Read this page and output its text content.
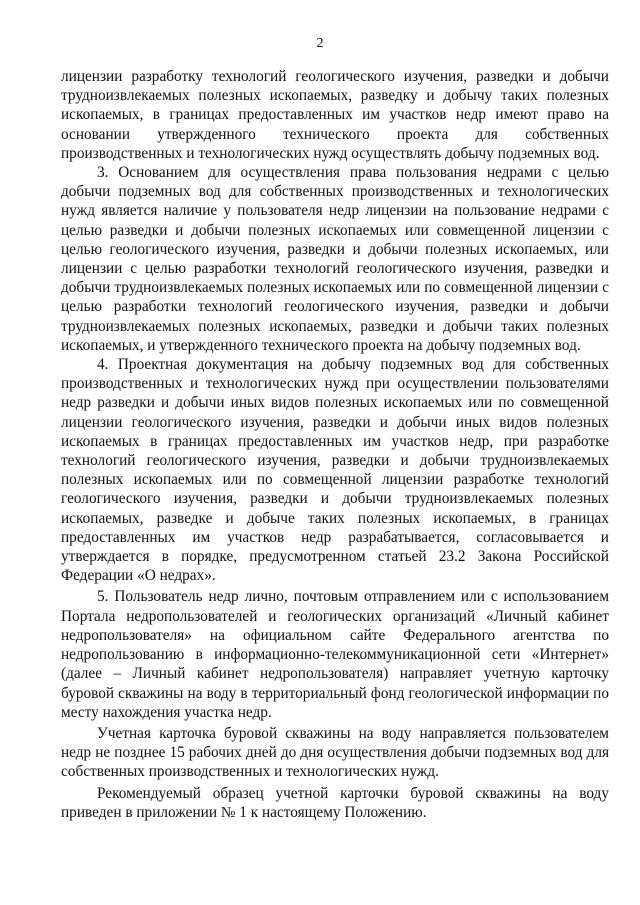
2

лицензии разработку технологий геологического изучения, разведки и добычи трудноизвлекаемых полезных ископаемых, разведку и добычу таких полезных ископаемых, в границах предоставленных им участков недр имеют право на основании утвержденного технического проекта для собственных производственных и технологических нужд осуществлять добычу подземных вод.

3. Основанием для осуществления права пользования недрами с целью добычи подземных вод для собственных производственных и технологических нужд является наличие у пользователя недр лицензии на пользование недрами с целью разведки и добычи полезных ископаемых или совмещенной лицензии с целью геологического изучения, разведки и добычи полезных ископаемых, или лицензии с целью разработки технологий геологического изучения, разведки и добычи трудноизвлекаемых полезных ископаемых или по совмещенной лицензии с целью разработки технологий геологического изучения, разведки и добычи трудноизвлекаемых полезных ископаемых, разведки и добычи таких полезных ископаемых, и утвержденного технического проекта на добычу подземных вод.

4. Проектная документация на добычу подземных вод для собственных производственных и технологических нужд при осуществлении пользователями недр разведки и добычи иных видов полезных ископаемых или по совмещенной лицензии геологического изучения, разведки и добычи иных видов полезных ископаемых в границах предоставленных им участков недр, при разработке технологий геологического изучения, разведки и добычи трудноизвлекаемых полезных ископаемых или по совмещенной лицензии разработке технологий геологического изучения, разведки и добычи трудноизвлекаемых полезных ископаемых, разведке и добыче таких полезных ископаемых, в границах предоставленных им участков недр разрабатывается, согласовывается и утверждается в порядке, предусмотренном статьей 23.2 Закона Российской Федерации «О недрах».

5. Пользователь недр лично, почтовым отправлением или с использованием Портала недропользователей и геологических организаций «Личный кабинет недропользователя» на официальном сайте Федерального агентства по недропользованию в информационно-телекоммуникационной сети «Интернет» (далее – Личный кабинет недропользователя) направляет учетную карточку буровой скважины на воду в территориальный фонд геологической информации по месту нахождения участка недр.

Учетная карточка буровой скважины на воду направляется пользователем недр не позднее 15 рабочих дней до дня осуществления добычи подземных вод для собственных производственных и технологических нужд.

Рекомендуемый образец учетной карточки буровой скважины на воду приведен в приложении № 1 к настоящему Положению.
